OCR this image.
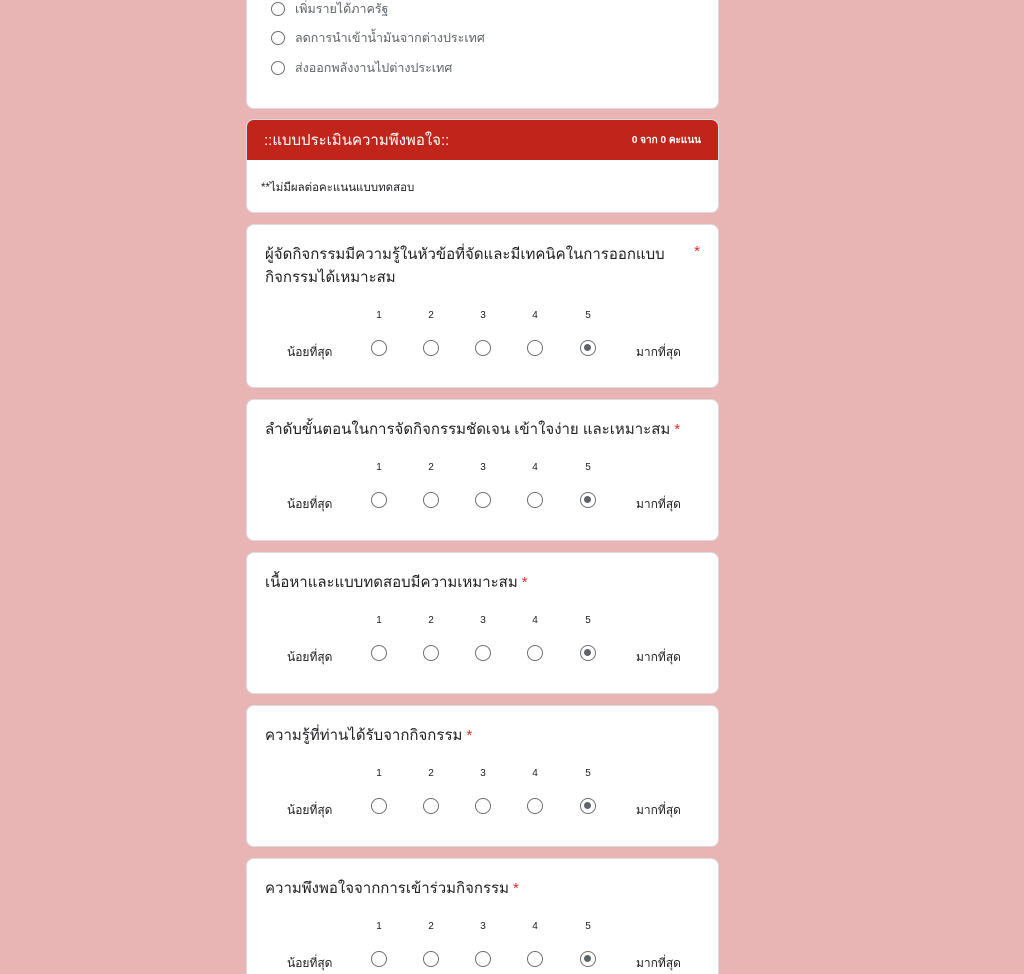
เพิ่มรายได้ภาครัฐ
ลดการนำเข้าน้ำมันจากต่างประเทศ
ส่งออกพลังงานไปต่างประเทศ
::แบบประเมินความพึงพอใจ::	0 จาก 0 คะแนน
**ไม่มีผลต่อคะแนนแบบทดสอบ
ผู้จัดกิจกรรมมีความรู้ในหัวข้อที่จัดและมีเทคนิคในการออกแบบกิจกรรมได้เหมาะสม
*
1	2	3	4	5
น้อยที่สุด	มากที่สุด
ลำดับขั้นตอนในการจัดกิจกรรมชัดเจน เข้าใจง่าย และเหมาะสม *
1	2	3	4	5
น้อยที่สุด	มากที่สุด
เนื้อหาและแบบทดสอบมีความเหมาะสม *
1	2	3	4	5
น้อยที่สุด	มากที่สุด
ความรู้ที่ท่านได้รับจากกิจกรรม *
1	2	3	4	5
น้อยที่สุด	มากที่สุด
ความพึงพอใจจากการเข้าร่วมกิจกรรม *
1	2	3	4	5
น้อยที่สุด	มากที่สุด
